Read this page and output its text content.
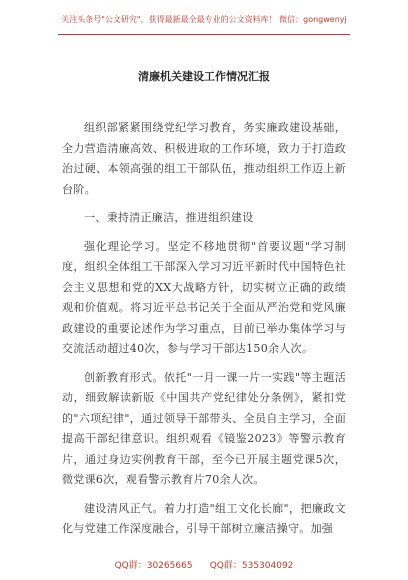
关注头条号"公文研究"，获得最新最全最专业的公文资料库！ 微信：gongwenyj
清廉机关建设工作情况汇报

组织部紧紧围绕党纪学习教育，务实廉政建设基础，全力营造清廉高效、积极进取的工作环境，致力于打造政治过硬、本领高强的组工干部队伍，推动组织工作迈上新台阶。

一、秉持清正廉洁，推进组织建设

强化理论学习。坚定不移地贯彻"首要议题"学习制度，组织全体组工干部深入学习习近平新时代中国特色社会主义思想和党的XX大战略方针，切实树立正确的政绩观和价值观。将习近平总书记关于全面从严治党和党风廉政建设的重要论述作为学习重点，目前已举办集体学习与交流活动超过40次，参与学习干部达150余人次。

创新教育形式。依托"一月一课一片一实践"等主题活动，细致解读新版《中国共产党纪律处分条例》，紧扣党的"六项纪律"，通过领导干部带头、全员自主学习，全面提高干部纪律意识。组织观看《镜鉴2023》等警示教育片，通过身边实例教育干部，至今已开展主题党课5次，微党课6次，观看警示教育片70余人次。

建设清风正气。着力打造"组工文化长廊"，把廉政文化与党建工作深度融合，引导干部树立廉洁操守。加强

QQ群：30265665      QQ群：535304092
